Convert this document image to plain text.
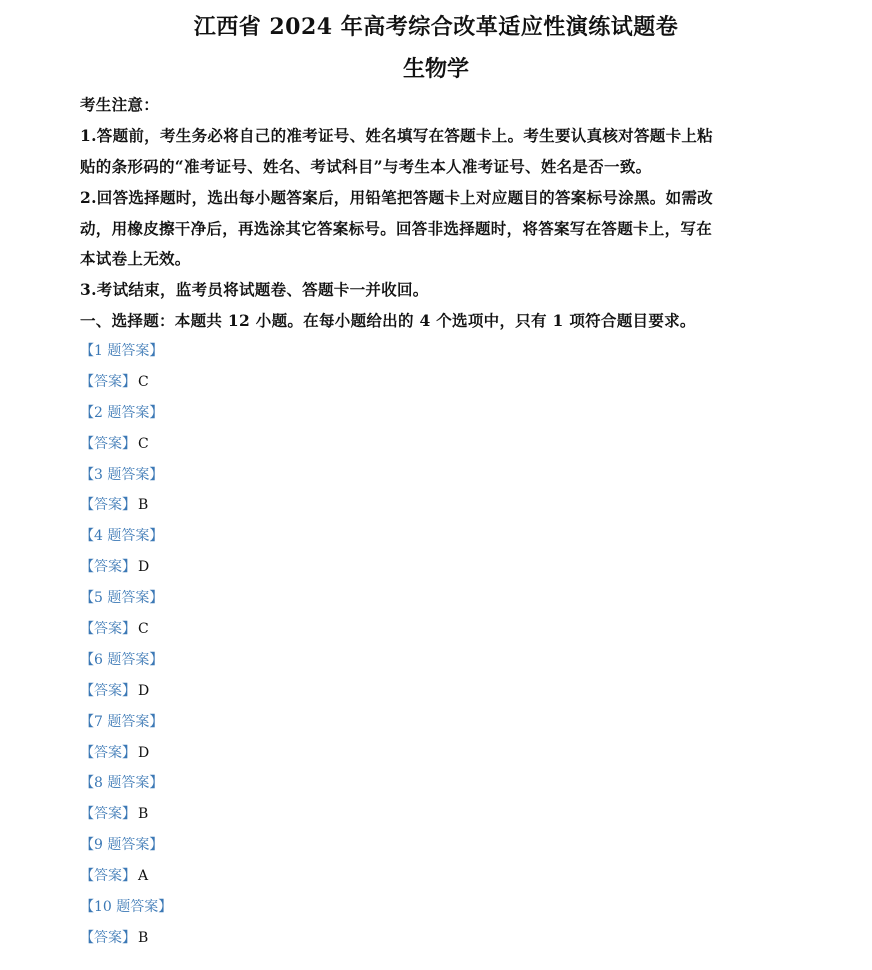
江西省 2024 年高考综合改革适应性演练试题卷
生物学
考生注意：
1.答题前，考生务必将自己的准考证号、姓名填写在答题卡上。考生要认真核对答题卡上粘
贴的条形码的“准考证号、姓名、考试科目”与考生本人准考证号、姓名是否一致。
2.回答选择题时，选出每小题答案后，用铅笔把答题卡上对应题目的答案标号涂黑。如需改
动，用橡皮擦干净后，再选涂其它答案标号。回答非选择题时，将答案写在答题卡上，写在
本试卷上无效。
3.考试结束，监考员将试题卷、答题卡一并收回。
一、选择题：本题共 12 小题。在每小题给出的 4 个选项中，只有 1 项符合题目要求。
【1 题答案】
【答案】 C
【2 题答案】
【答案】 C
【3 题答案】
【答案】 B
【4 题答案】
【答案】 D
【5 题答案】
【答案】 C
【6 题答案】
【答案】 D
【7 题答案】
【答案】 D
【8 题答案】
【答案】 B
【9 题答案】
【答案】 A
【10 题答案】
【答案】 B
